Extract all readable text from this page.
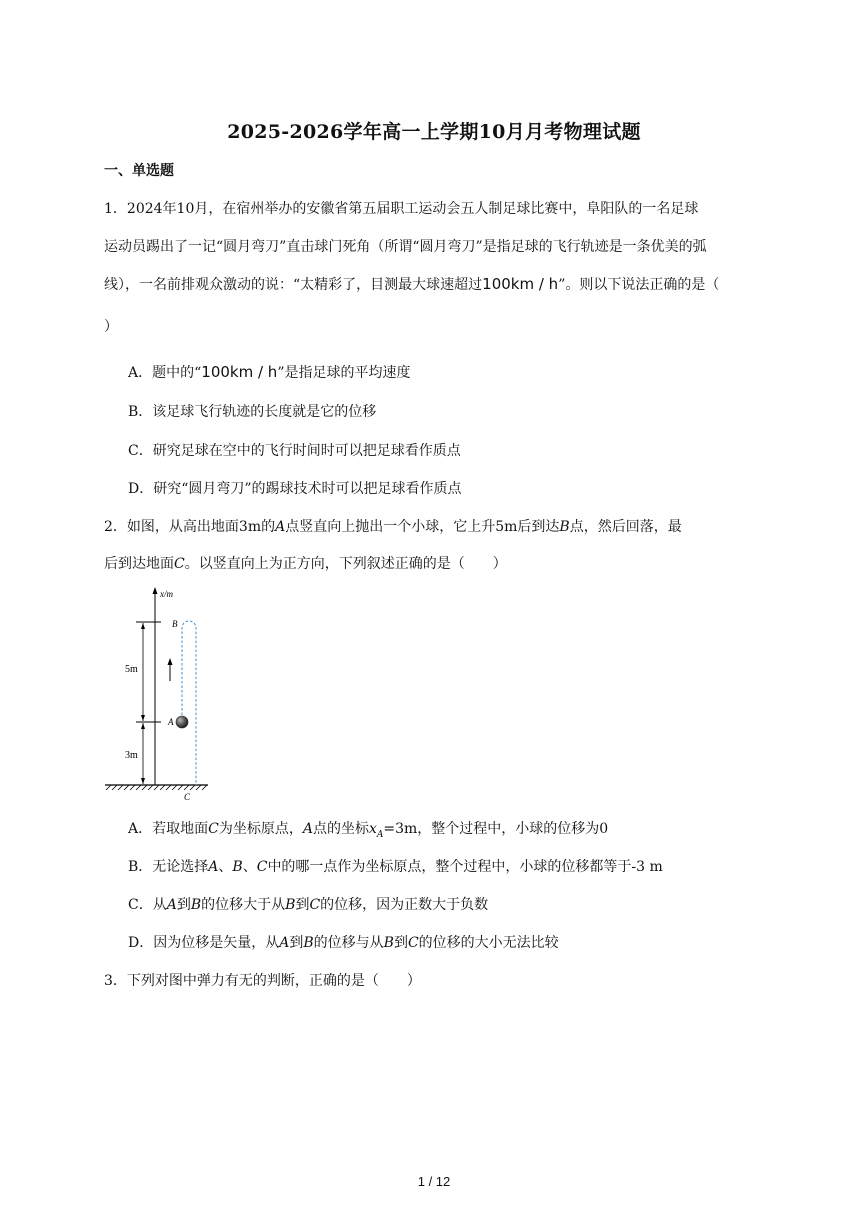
2025-2026学年高一上学期10月月考物理试题
一、单选题
1．2024年10月，在宿州举办的安徽省第五届职工运动会五人制足球比赛中，阜阳队的一名足球
运动员踢出了一记“圆月弯刀”直击球门死角（所谓“圆月弯刀”是指足球的飞行轨迹是一条优美的弧
线），一名前排观众激动的说：“太精彩了，目测最大球速超过100km / h”。则以下说法正确的是（
）
A．题中的“100km / h”是指足球的平均速度
B．该足球飞行轨迹的长度就是它的位移
C．研究足球在空中的飞行时间时可以把足球看作质点
D．研究“圆月弯刀”的踢球技术时可以把足球看作质点
2．如图，从高出地面3m的A点竖直向上抛出一个小球，它上升5m后到达B点，然后回落，最
后到达地面C。以竖直向上为正方向，下列叙述正确的是（　　）
x/m
5m
3m
B
A
C
A．若取地面C为坐标原点，A点的坐标$x_A=3m$，整个过程中，小球的位移为0
B．无论选择A、B、C中的哪一点作为坐标原点，整个过程中，小球的位移都等于-3 m
C．从A到B的位移大于从B到C的位移，因为正数大于负数
D．因为位移是矢量，从A到B的位移与从B到C的位移的大小无法比较
3．下列对图中弹力有无的判断，正确的是（　　）
1 / 12
